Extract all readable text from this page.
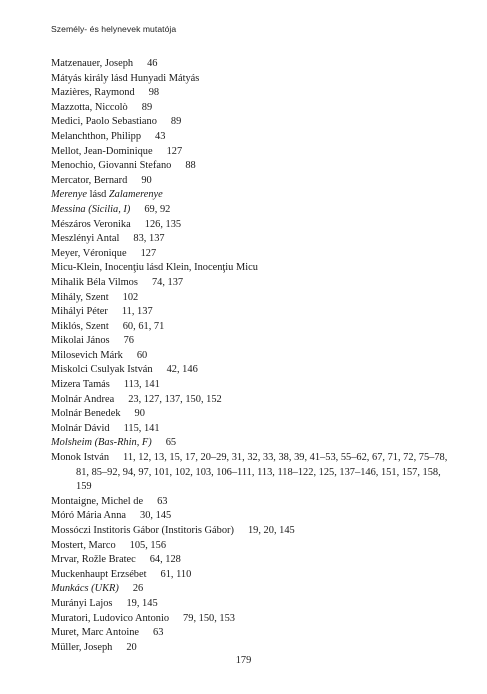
Személy- és helynevek mutatója
Matzenauer, Joseph 46
Mátyás király lásd Hunyadi Mátyás
Mazières, Raymond 98
Mazzotta, Niccolò 89
Medici, Paolo Sebastiano 89
Melanchthon, Philipp 43
Mellot, Jean-Dominique 127
Menochio, Giovanni Stefano 88
Mercator, Bernard 90
Merenye lásd Zalamerenye
Messina (Sicilia, I) 69, 92
Mészáros Veronika 126, 135
Meszlényi Antal 83, 137
Meyer, Véronique 127
Micu-Klein, Inocenţiu lásd Klein, Inocenţiu Micu
Mihalik Béla Vilmos 74, 137
Mihály, Szent 102
Mihályi Péter 11, 137
Miklós, Szent 60, 61, 71
Mikolai János 76
Milosevich Márk 60
Miskolci Csulyak István 42, 146
Mizera Tamás 113, 141
Molnár Andrea 23, 127, 137, 150, 152
Molnár Benedek 90
Molnár Dávid 115, 141
Molsheim (Bas-Rhin, F) 65
Monok István 11, 12, 13, 15, 17, 20–29, 31, 32, 33, 38, 39, 41–53, 55–62, 67, 71, 72, 75–78, 81, 85–92, 94, 97, 101, 102, 103, 106–111, 113, 118–122, 125, 137–146, 151, 157, 158, 159
Montaigne, Michel de 63
Móró Mária Anna 30, 145
Mossóczi Institoris Gábor (Institoris Gábor) 19, 20, 145
Mostert, Marco 105, 156
Mrvar, Rožle Bratec 64, 128
Muckenhaupt Erzsébet 61, 110
Munkács (UKR) 26
Murányi Lajos 19, 145
Muratori, Ludovico Antonio 79, 150, 153
Muret, Marc Antoine 63
Müller, Joseph 20
179
